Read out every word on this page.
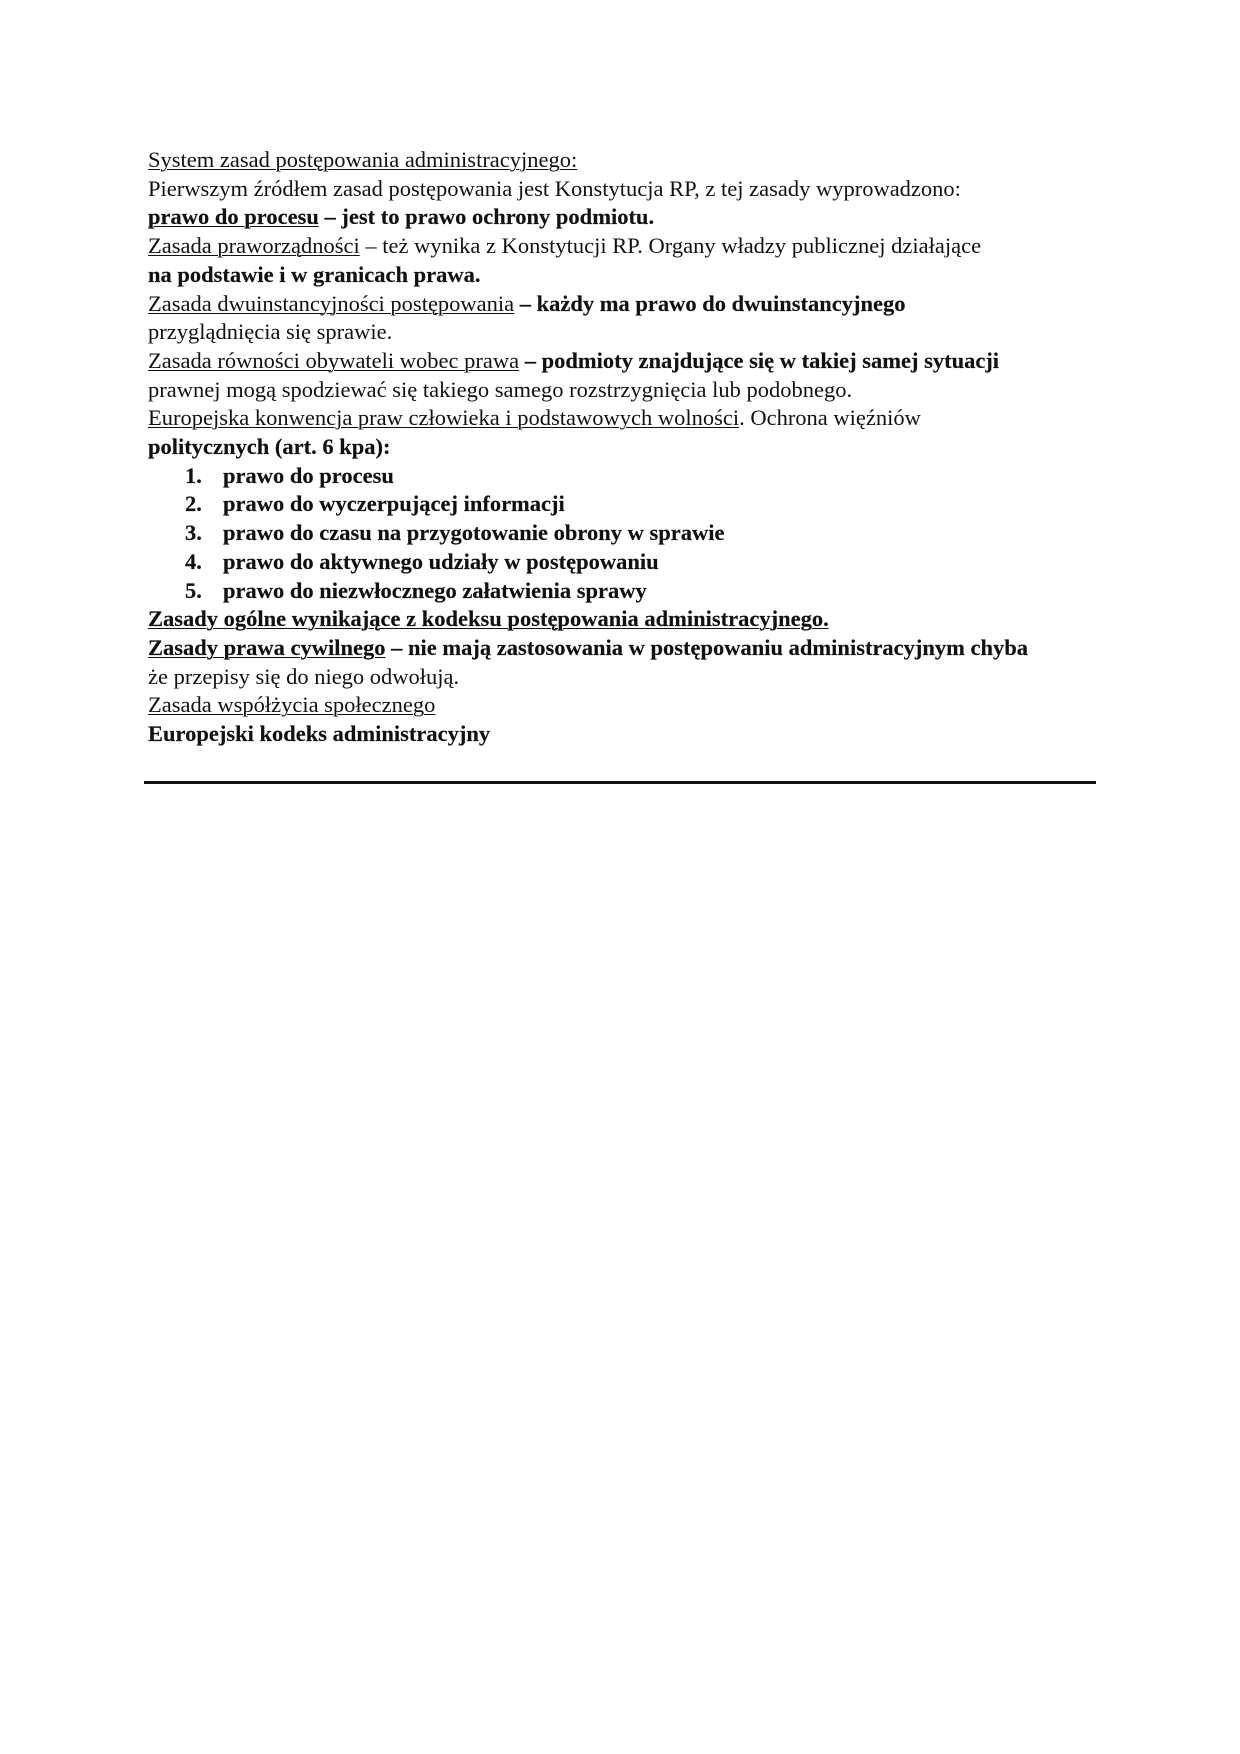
System zasad postępowania administracyjnego:

Pierwszym źródłem zasad postępowania jest Konstytucja RP, z tej zasady wyprowadzono:

prawo do procesu – jest to prawo ochrony podmiotu.

Zasada praworządności – też wynika z Konstytucji RP. Organy władzy publicznej działające

na podstawie i w granicach prawa.

Zasada dwuinstancyjności postępowania – każdy ma prawo do dwuinstancyjnego

przyglądnięcia się sprawie.

Zasada równości obywateli wobec prawa – podmioty znajdujące się w takiej samej sytuacji

prawnej mogą spodziewać się takiego samego rozstrzygnięcia lub podobnego.

Europejska konwencja praw człowieka i podstawowych wolności. Ochrona więźniów

politycznych (art. 6 kpa):

1. prawo do procesu
2. prawo do wyczerpującej informacji
3. prawo do czasu na przygotowanie obrony w sprawie
4. prawo do aktywnego udziały w postępowaniu
5. prawo do niezwłocznego załatwienia sprawy

Zasady ogólne wynikające z kodeksu postępowania administracyjnego.

Zasady prawa cywilnego – nie mają zastosowania w postępowaniu administracyjnym chyba

że przepisy się do niego odwołują.

Zasada współżycia społecznego

Europejski kodeks administracyjny
